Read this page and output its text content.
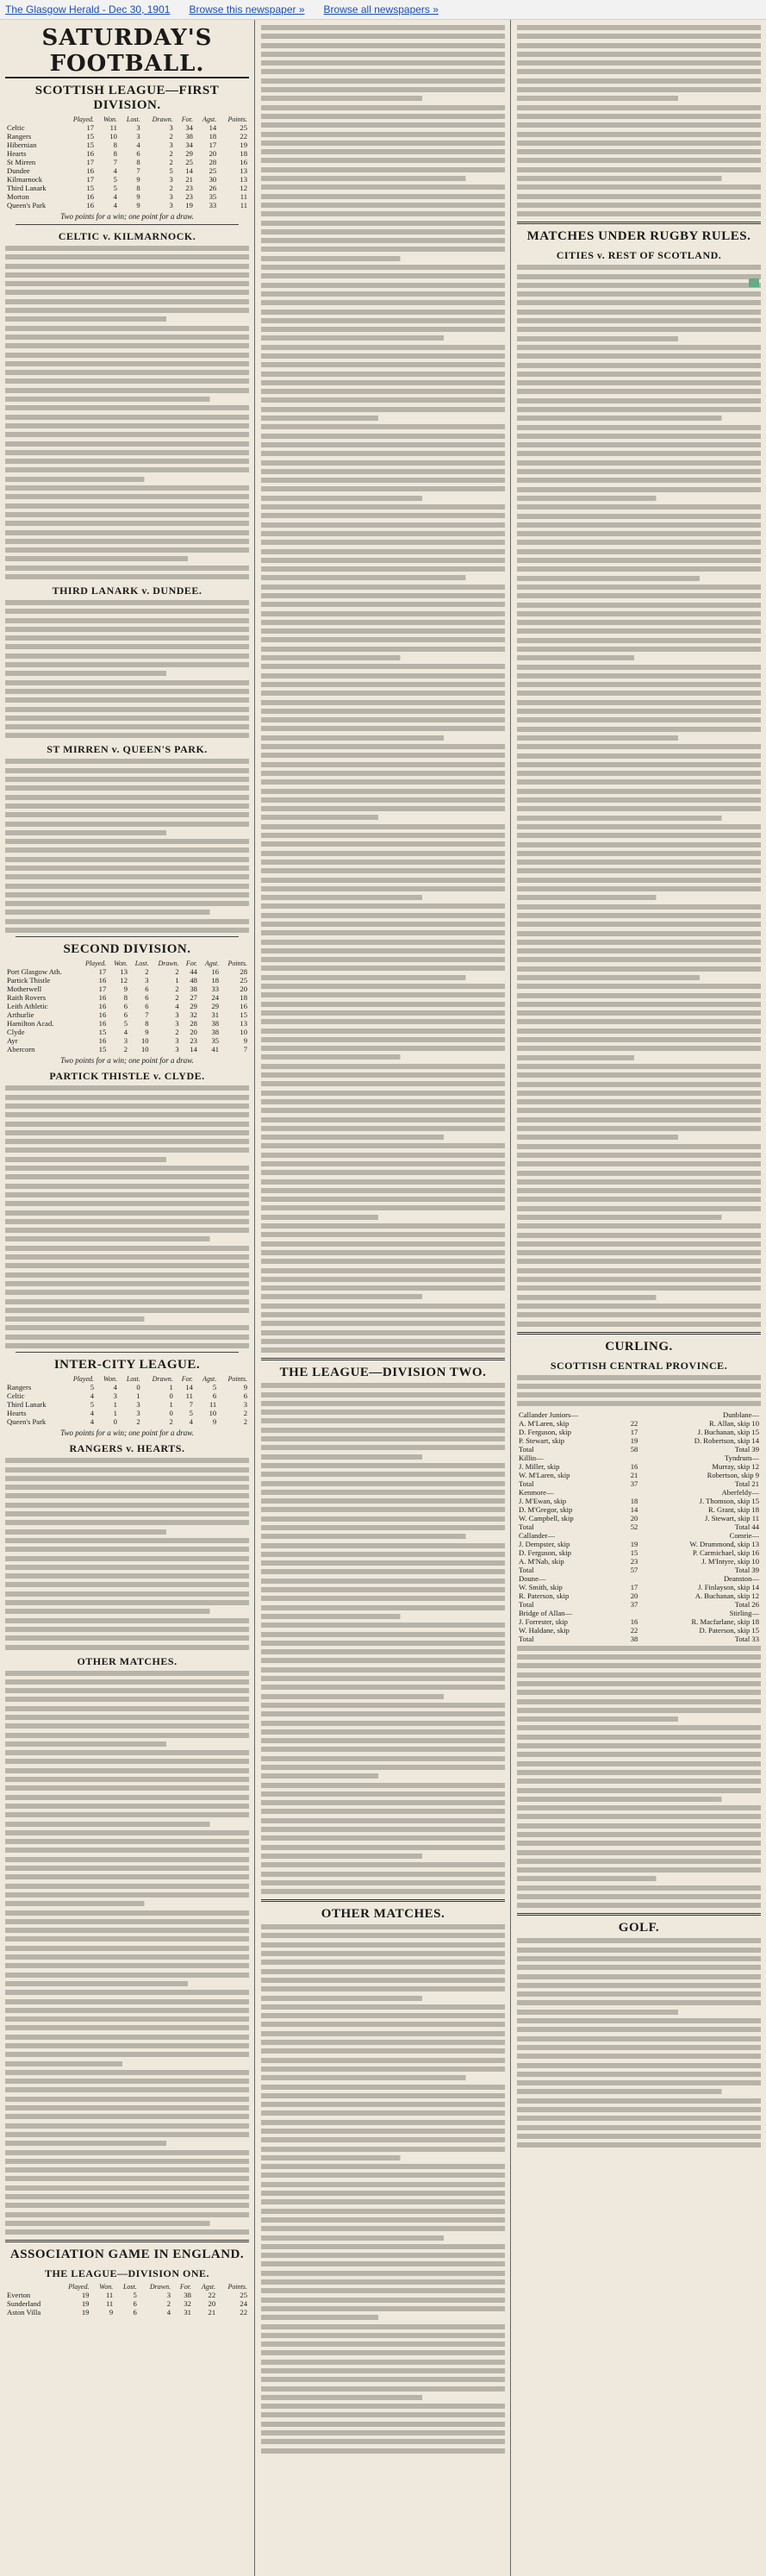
The Glasgow Herald - Dec 30, 1901 Browse this newspaper » Browse all newspapers »
SATURDAY'S FOOTBALL.
SCOTTISH LEAGUE—FIRST DIVISION.
	Played.	Won.	Lost.	Drawn.	For.	Agst.	Points.
Celtic	17	11	3	3	34	14	25
Rangers	15	10	3	2	38	18	22
Hibernian	15	8	4	3	34	17	19
Hearts	16	8	6	2	29	20	18
St Mirren	17	7	8	2	25	28	16
Dundee	16	4	7	5	14	25	13
Kilmarnock	17	5	9	3	21	30	13
Third Lanark	15	5	8	2	23	26	12
Morton	16	4	9	3	23	35	11
Queen's Park	16	4	9	3	19	33	11
Two points for a win; one point for a draw.
CELTIC v. KILMARNOCK.
THIRD LANARK v. DUNDEE.
ST MIRREN v. QUEEN'S PARK.
SECOND DIVISION.
	Played.	Won.	Lost.	Drawn.	For.	Agst.	Points.
Port Glasgow Ath.	17	13	2	2	44	16	28
Partick Thistle	16	12	3	1	48	18	25
Motherwell	17	9	6	2	38	33	20
Raith Rovers	16	8	6	2	27	24	18
Leith Athletic	16	6	6	4	29	29	16
Arthurlie	16	6	7	3	32	31	15
Hamilton Acad.	16	5	8	3	28	38	13
Clyde	15	4	9	2	20	38	10
Ayr	16	3	10	3	23	35	9
Abercorn	15	2	10	3	14	41	7
Two points for a win; one point for a draw.
PARTICK THISTLE v. CLYDE.
INTER-CITY LEAGUE.
	Played.	Won.	Lost.	Drawn.	For.	Agst.	Points.
Rangers	5	4	0	1	14	5	9
Celtic	4	3	1	0	11	6	6
Third Lanark	5	1	3	1	7	11	3
Hearts	4	1	3	0	5	10	2
Queen's Park	4	0	2	2	4	9	2
Two points for a win; one point for a draw.
RANGERS v. HEARTS.
OTHER MATCHES.
ASSOCIATION GAME IN ENGLAND.
THE LEAGUE—DIVISION ONE.
	Played.	Won.	Lost.	Drawn.	For.	Agst.	Points.
Everton	19	11	5	3	38	22	25
Sunderland	19	11	6	2	32	20	24
Aston Villa	19	9	6	4	31	21	22
THE LEAGUE—DIVISION TWO.
OTHER MATCHES.
MATCHES UNDER RUGBY RULES.
CITIES v. REST OF SCOTLAND.
CURLING.
SCOTTISH CENTRAL PROVINCE.
Callander Juniors—		Dunblane—
A. M'Laren, skip	22	R. Allan, skip 10
D. Ferguson, skip	17	J. Buchanan, skip 15
P. Stewart, skip	19	D. Robertson, skip 14
Total	58	Total 39
Killin—		Tyndrum—
J. Miller, skip	16	Murray, skip 12
W. M'Laren, skip	21	Robertson, skip 9
Total	37	Total 21
Kenmore—		Aberfeldy—
J. M'Ewan, skip	18	J. Thomson, skip 15
D. M'Gregor, skip	14	R. Grant, skip 18
W. Campbell, skip	20	J. Stewart, skip 11
Total	52	Total 44
Callander—		Comrie—
J. Dempster, skip	19	W. Drummond, skip 13
D. Ferguson, skip	15	P. Carmichael, skip 16
A. M'Nab, skip	23	J. M'Intyre, skip 10
Total	57	Total 39
Doune—		Deanston—
W. Smith, skip	17	J. Finlayson, skip 14
R. Paterson, skip	20	A. Buchanan, skip 12
Total	37	Total 26
Bridge of Allan—		Stirling—
J. Forrester, skip	16	R. Macfarlane, skip 18
W. Haldane, skip	22	D. Paterson, skip 15
Total	38	Total 33
GOLF.
